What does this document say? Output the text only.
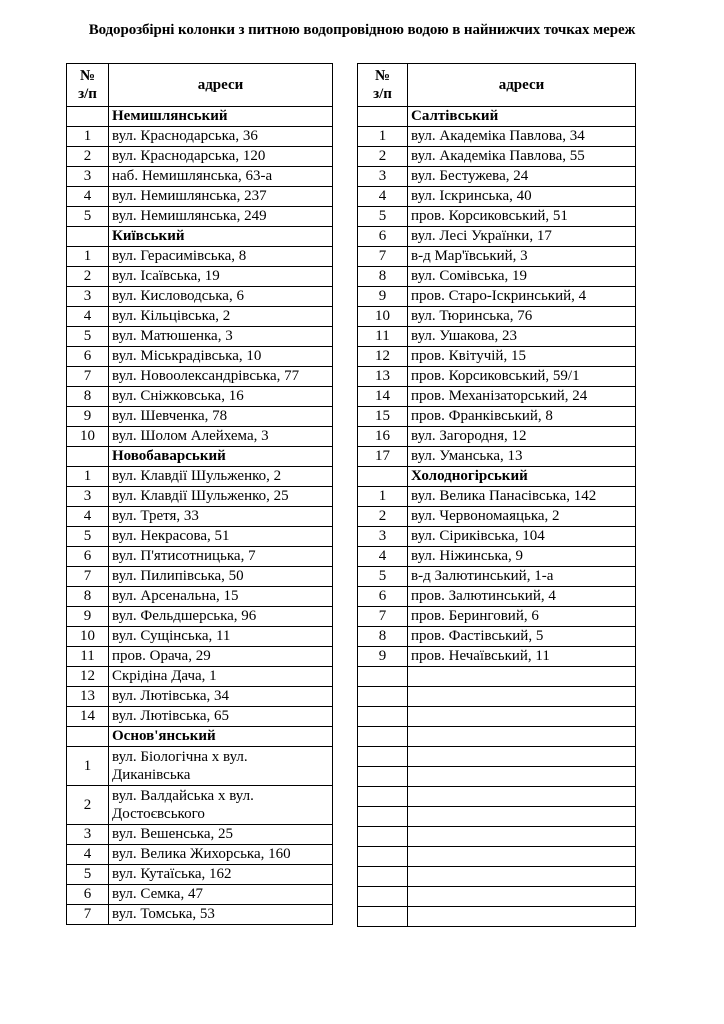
Водорозбірні колонки з питною водопровідною водою в найнижчих точках мереж
№
з/п	адреси
	Немишлянський
1	вул. Краснодарська, 36
2	вул. Краснодарська, 120
3	наб. Немишлянська, 63-а
4	вул. Немишлянська, 237
5	вул. Немишлянська, 249
	Київський
1	вул. Герасимівська, 8
2	вул. Ісаївська, 19
3	вул. Кисловодська, 6
4	вул. Кільцівська, 2
5	вул. Матюшенка, 3
6	вул. Міськрадівська, 10
7	вул. Новоолександрівська, 77
8	вул. Сніжковська, 16
9	вул. Шевченка, 78
10	вул. Шолом Алейхема, 3
	Новобаварський
1	вул. Клавдії Шульженко, 2
3	вул. Клавдії Шульженко, 25
4	вул. Третя, 33
5	вул. Некрасова, 51
6	вул. П'ятисотницька, 7
7	вул. Пилипівська, 50
8	вул. Арсенальна, 15
9	вул. Фельдшерська, 96
10	вул. Сущінська, 11
11	пров. Орача, 29
12	Скрідіна Дача, 1
13	вул. Лютівська, 34
14	вул. Лютівська, 65
	Основ'янський
1	вул. Біологічна х вул. Диканівська
2	вул. Валдайська х вул. Достоєвського
3	вул. Вешенська, 25
4	вул. Велика Жихорська, 160
5	вул. Кутаїська, 162
6	вул. Семка, 47
7	вул. Томська, 53
№
з/п	адреси
	Салтівський
1	вул. Академіка Павлова, 34
2	вул. Академіка Павлова, 55
3	вул. Бестужева, 24
4	вул. Іскринська, 40
5	пров. Корсиковський, 51
6	вул. Лесі Українки, 17
7	в-д Мар'ївський, 3
8	вул. Сомівська, 19
9	пров. Старо-Іскринський, 4
10	вул. Тюринська, 76
11	вул. Ушакова, 23
12	пров. Квітучій, 15
13	пров. Корсиковський, 59/1
14	пров. Механізаторський, 24
15	пров. Франківський, 8
16	вул. Загородня, 12
17	вул. Уманська, 13
	Холодногірський
1	вул. Велика Панасівська, 142
2	вул. Червономаяцька, 2
3	вул. Сіриківська, 104
4	вул. Ніжинська, 9
5	в-д Залютинський, 1-а
6	пров. Залютинський, 4
7	пров. Беринговий, 6
8	пров. Фастівський, 5
9	пров. Нечаївський, 11
